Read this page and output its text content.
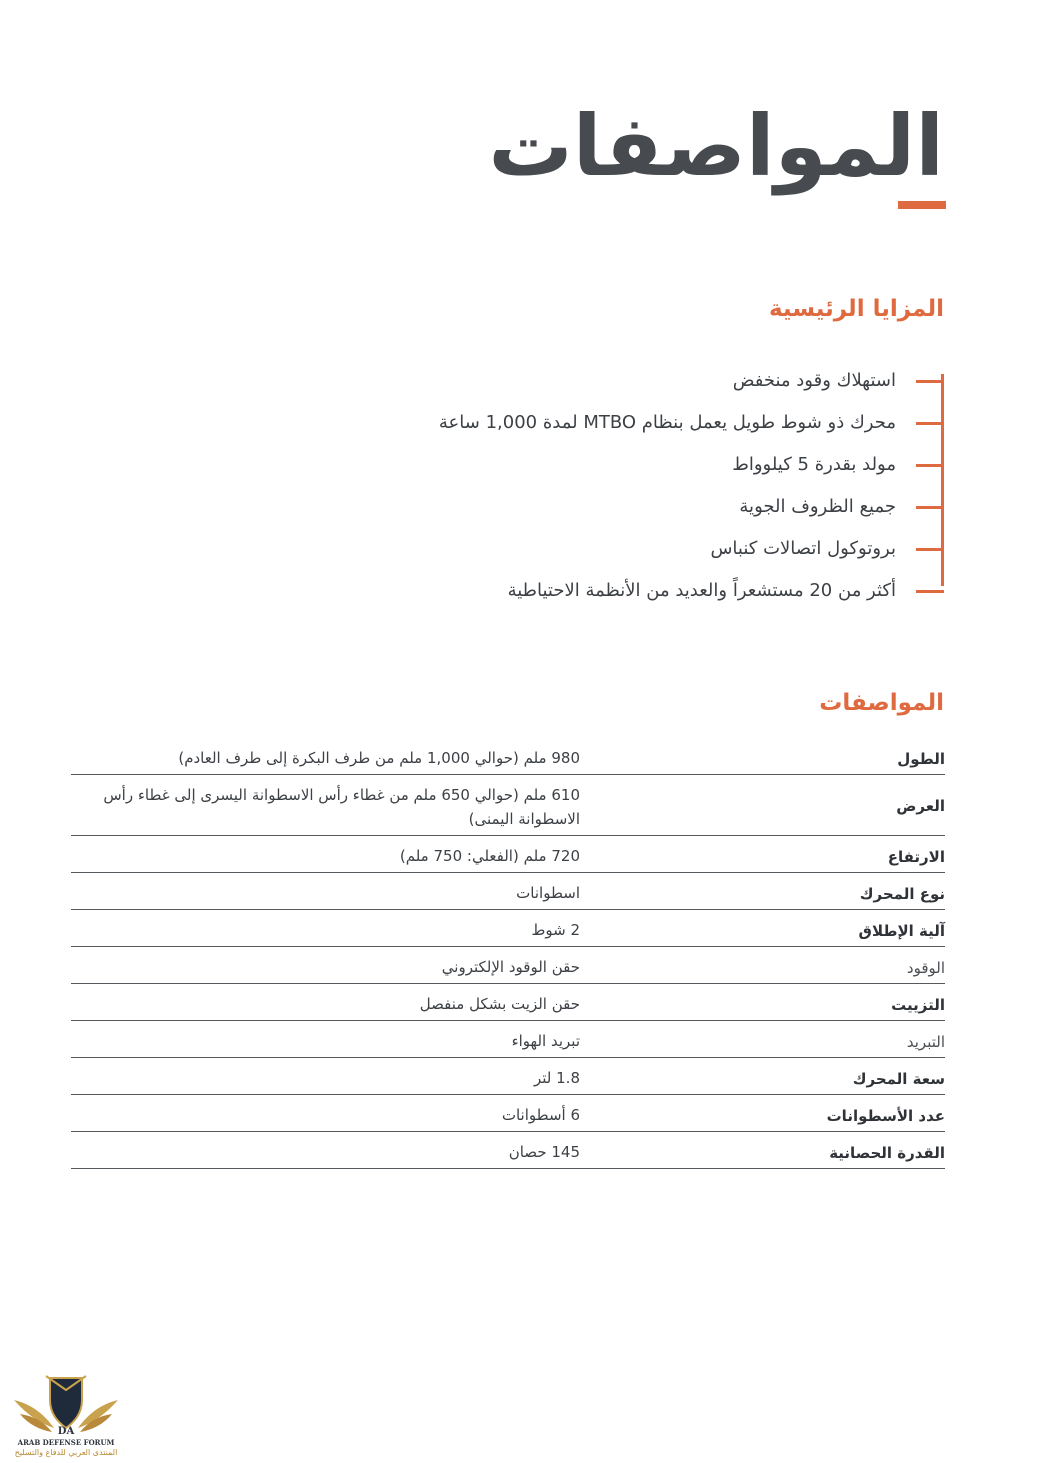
المواصفات
المزايا الرئيسية
استهلاك وقود منخفض
محرك ذو شوط طويل يعمل بنظام MTBO لمدة 1,000 ساعة
مولد بقدرة 5 كيلوواط
جميع الظروف الجوية
بروتوكول اتصالات كنباس
أكثر من 20 مستشعراً والعديد من الأنظمة الاحتياطية
المواصفات
الطول
980 ملم (حوالي 1,000 ملم من طرف البكرة إلى طرف العادم)
العرض
610 ملم (حوالي 650 ملم من غطاء رأس الاسطوانة اليسرى إلى غطاء رأس الاسطوانة اليمنى)
الارتفاع
720 ملم (الفعلي: 750 ملم)
نوع المحرك
اسطوانات
آلية الإطلاق
2 شوط
الوقود
حقن الوقود الإلكتروني
التزييت
حقن الزيت بشكل منفصل
التبريد
تبريد الهواء
سعة المحرك
1.8 لتر
عدد الأسطوانات
6 أسطوانات
القدرة الحصانية
145 حصان
DA
ARAB DEFENSE FORUM
المنتدى العربي للدفاع والتسليح
